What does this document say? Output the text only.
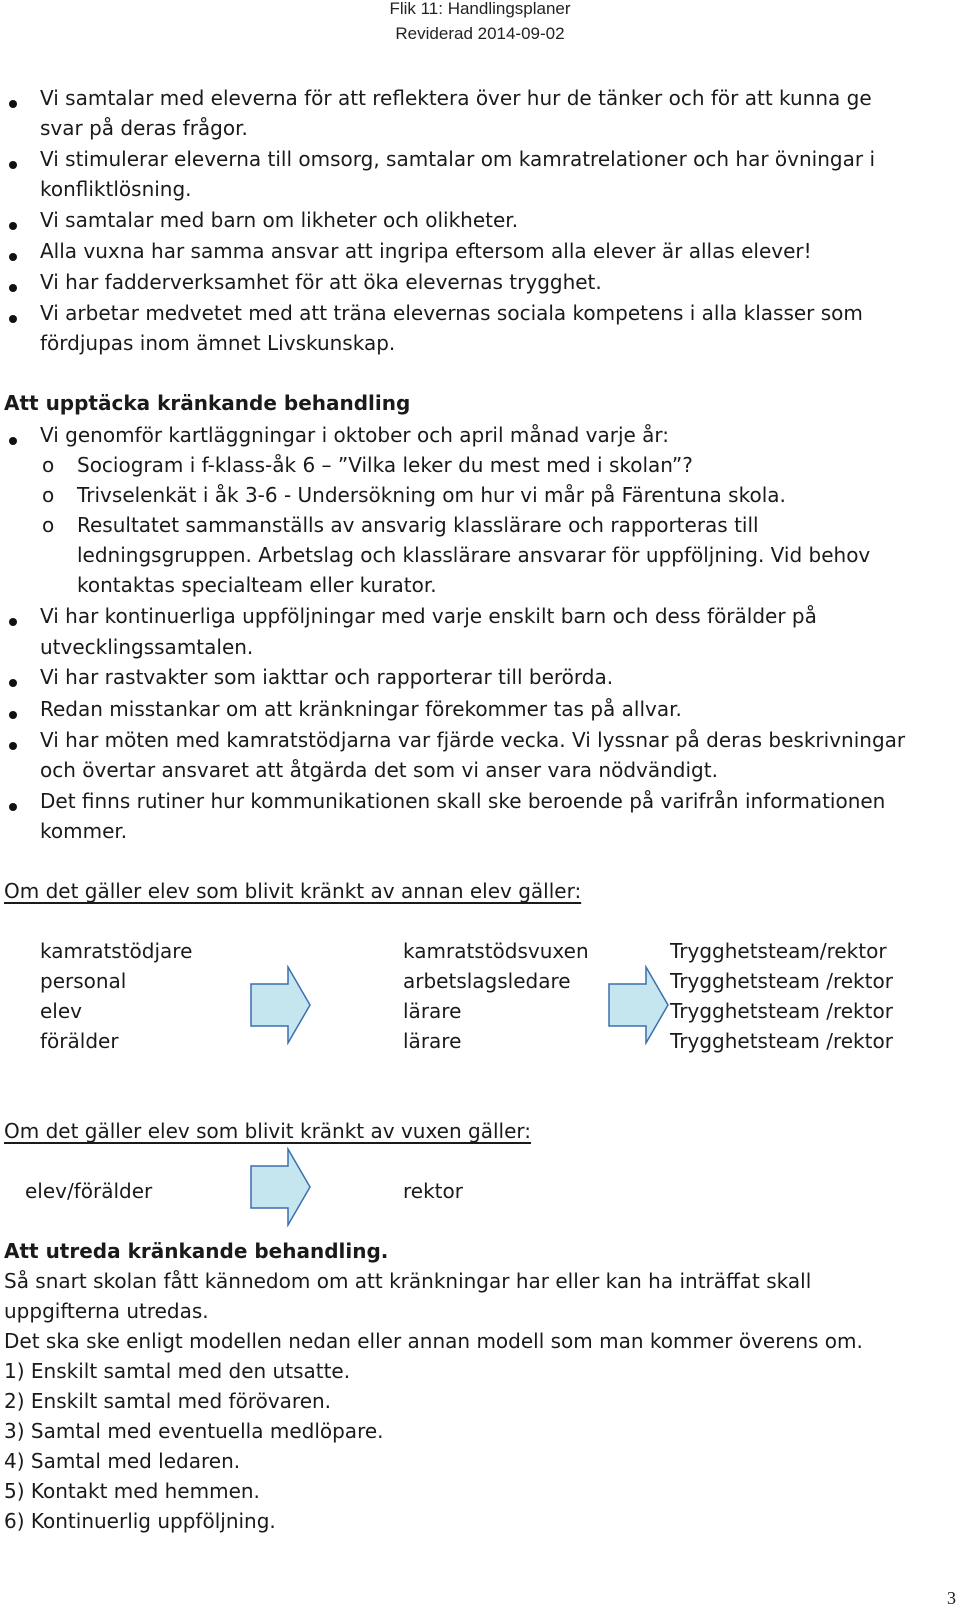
Flik 11: Handlingsplaner
Reviderad 2014-09-02
Vi samtalar med eleverna för att reflektera över hur de tänker och för att kunna ge
svar på deras frågor.
Vi stimulerar eleverna till omsorg, samtalar om kamratrelationer och har övningar i
konfliktlösning.
Vi samtalar med barn om likheter och olikheter.
Alla vuxna har samma ansvar att ingripa eftersom alla elever är allas elever!
Vi har fadderverksamhet för att öka elevernas trygghet.
Vi arbetar medvetet med att träna elevernas sociala kompetens i alla klasser som
fördjupas inom ämnet Livskunskap.
Att upptäcka kränkande behandling
Vi genomför kartläggningar i oktober och april månad varje år:
o Sociogram i f-klass-åk 6 – ”Vilka leker du mest med i skolan”?
o Trivselenkät i åk 3-6 - Undersökning om hur vi mår på Färentuna skola.
o Resultatet sammanställs av ansvarig klasslärare och rapporteras till
ledningsgruppen. Arbetslag och klasslärare ansvarar för uppföljning. Vid behov
kontaktas specialteam eller kurator.
Vi har kontinuerliga uppföljningar med varje enskilt barn och dess förälder på
utvecklingssamtalen.
Vi har rastvakter som iakttar och rapporterar till berörda.
Redan misstankar om att kränkningar förekommer tas på allvar.
Vi har möten med kamratstödjarna var fjärde vecka. Vi lyssnar på deras beskrivningar
och övertar ansvaret att åtgärda det som vi anser vara nödvändigt.
Det finns rutiner hur kommunikationen skall ske beroende på varifrån informationen
kommer.
Om det gäller elev som blivit kränkt av annan elev gäller:
kamratstödjare
personal
elev
förälder
kamratstödsvuxen
arbetslagsledare
lärare
lärare
Trygghetsteam/rektor
Trygghetsteam /rektor
Trygghetsteam /rektor
Trygghetsteam /rektor
Om det gäller elev som blivit kränkt av vuxen gäller:
elev/förälder	rektor
Att utreda kränkande behandling.
Så snart skolan fått kännedom om att kränkningar har eller kan ha inträffat skall
uppgifterna utredas.
Det ska ske enligt modellen nedan eller annan modell som man kommer överens om.
1) Enskilt samtal med den utsatte.
2) Enskilt samtal med förövaren.
3) Samtal med eventuella medlöpare.
4) Samtal med ledaren.
5) Kontakt med hemmen.
6) Kontinuerlig uppföljning.
3
